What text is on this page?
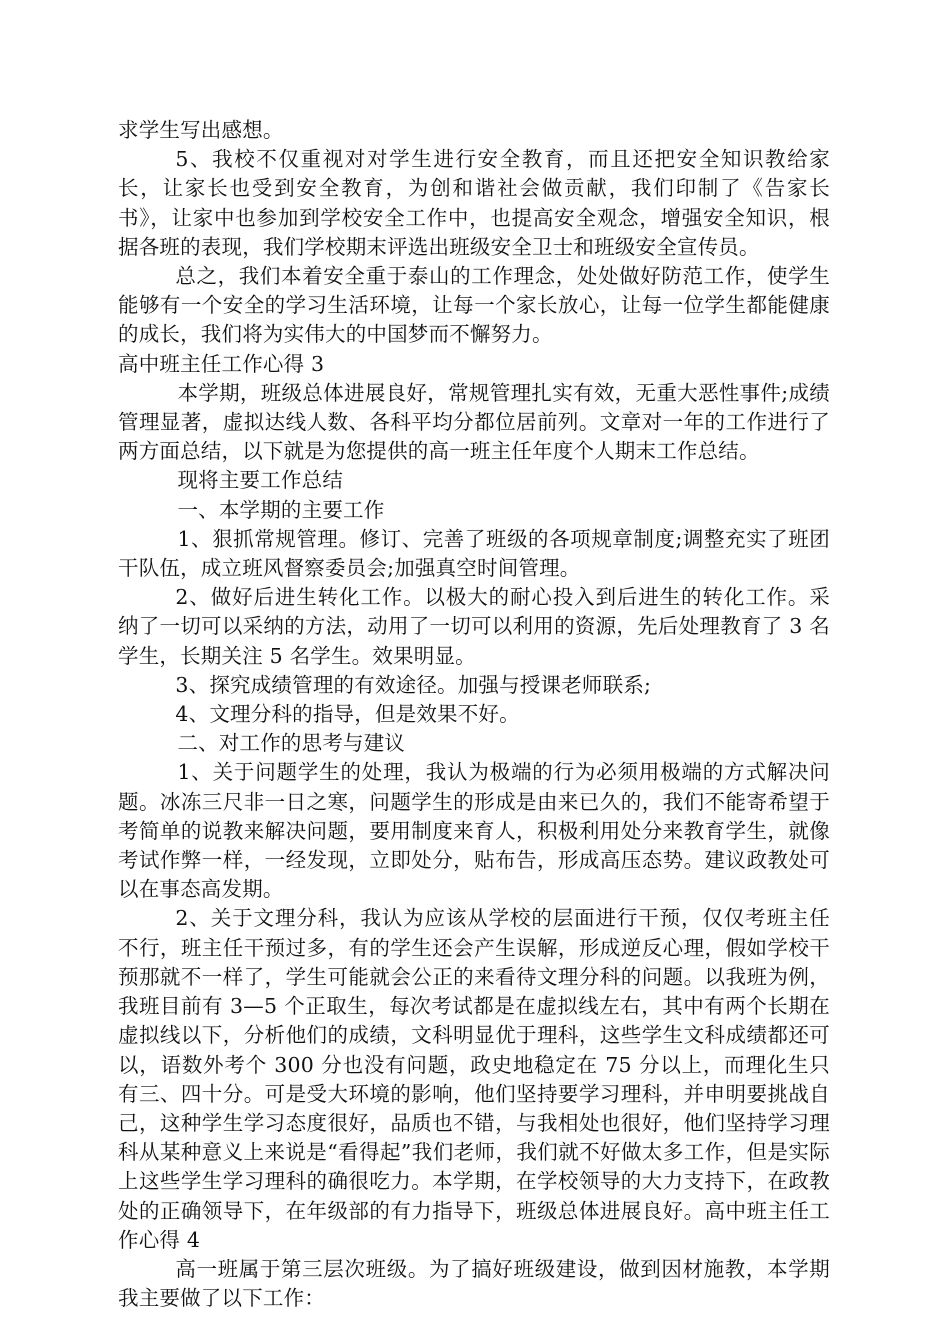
求学生写出感想。

5、我校不仅重视对对学生进行安全教育，而且还把安全知识教给家长，让家长也受到安全教育，为创和谐社会做贡献，我们印制了《告家长书》，让家中也参加到学校安全工作中，也提高安全观念，增强安全知识，根据各班的表现，我们学校期末评选出班级安全卫士和班级安全宣传员。

总之，我们本着安全重于泰山的工作理念，处处做好防范工作，使学生能够有一个安全的学习生活环境，让每一个家长放心，让每一位学生都能健康的成长，我们将为实伟大的中国梦而不懈努力。

高中班主任工作心得 3

本学期，班级总体进展良好，常规管理扎实有效，无重大恶性事件;成绩管理显著，虚拟达线人数、各科平均分都位居前列。文章对一年的工作进行了两方面总结，以下就是为您提供的高一班主任年度个人期末工作总结。

现将主要工作总结

一、本学期的主要工作

1、狠抓常规管理。修订、完善了班级的各项规章制度;调整充实了班团干队伍，成立班风督察委员会;加强真空时间管理。

2、做好后进生转化工作。以极大的耐心投入到后进生的转化工作。采纳了一切可以采纳的方法，动用了一切可以利用的资源，先后处理教育了 3 名学生，长期关注 5 名学生。效果明显。

3、探究成绩管理的有效途径。加强与授课老师联系;

4、文理分科的指导，但是效果不好。

二、对工作的思考与建议

1、关于问题学生的处理，我认为极端的行为必须用极端的方式解决问题。冰冻三尺非一日之寒，问题学生的形成是由来已久的，我们不能寄希望于考简单的说教来解决问题，要用制度来育人，积极利用处分来教育学生，就像考试作弊一样，一经发现，立即处分，贴布告，形成高压态势。建议政教处可以在事态高发期。

2、关于文理分科，我认为应该从学校的层面进行干预，仅仅考班主任不行，班主任干预过多，有的学生还会产生误解，形成逆反心理，假如学校干预那就不一样了，学生可能就会公正的来看待文理分科的问题。以我班为例，我班目前有 3—5 个正取生，每次考试都是在虚拟线左右，其中有两个长期在虚拟线以下，分析他们的成绩，文科明显优于理科，这些学生文科成绩都还可以，语数外考个 300 分也没有问题，政史地稳定在 75 分以上，而理化生只有三、四十分。可是受大环境的影响，他们坚持要学习理科，并申明要挑战自己，这种学生学习态度很好，品质也不错，与我相处也很好，他们坚持学习理科从某种意义上来说是“看得起”我们老师，我们就不好做太多工作，但是实际上这些学生学习理科的确很吃力。本学期，在学校领导的大力支持下，在政教处的正确领导下，在年级部的有力指导下，班级总体进展良好。高中班主任工作心得 4

高一班属于第三层次班级。为了搞好班级建设，做到因材施教，本学期我主要做了以下工作：
